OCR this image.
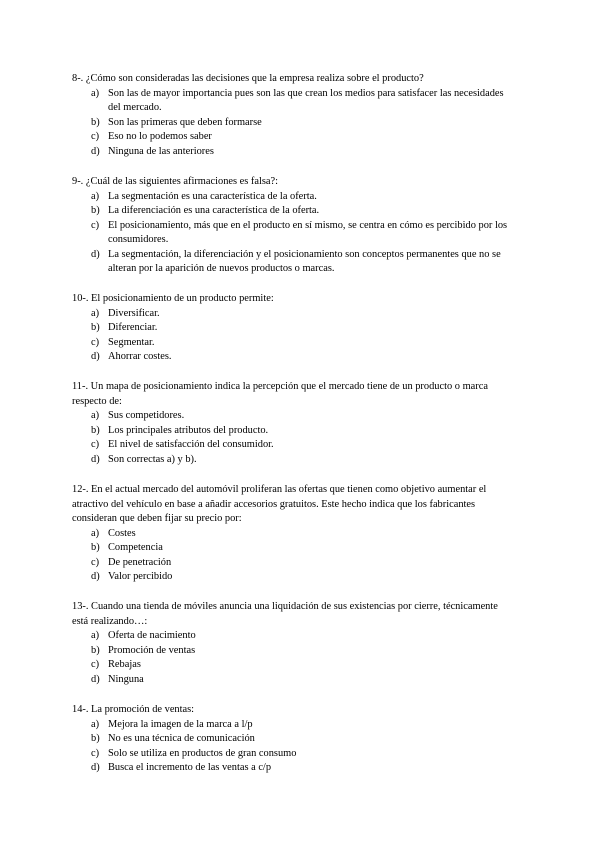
8-. ¿Cómo son consideradas las decisiones que la empresa realiza sobre el producto?

a) Son las de mayor importancia pues son las que crean los medios para satisfacer las necesidades del mercado.
b) Son las primeras que deben formarse
c) Eso no lo podemos saber
d) Ninguna de las anteriores

9-. ¿Cuál de las siguientes afirmaciones es falsa?:

a) La segmentación es una característica de la oferta.
b) La diferenciación es una característica de la oferta.
c) El posicionamiento, más que en el producto en sí mismo, se centra en cómo es percibido por los consumidores.
d) La segmentación, la diferenciación y el posicionamiento son conceptos permanentes que no se alteran por la aparición de nuevos productos o marcas.

10-. El posicionamiento de un producto permite:

a) Diversificar.
b) Diferenciar.
c) Segmentar.
d) Ahorrar costes.

11-. Un mapa de posicionamiento indica la percepción que el mercado tiene de un producto o marca respecto de:

a) Sus competidores.
b) Los principales atributos del producto.
c) El nivel de satisfacción del consumidor.
d) Son correctas a) y b).

12-. En el actual mercado del automóvil proliferan las ofertas que tienen como objetivo aumentar el atractivo del vehículo en base a añadir accesorios gratuitos. Este hecho indica que los fabricantes consideran que deben fijar su precio por:

a) Costes
b) Competencia
c) De penetración
d) Valor percibido

13-. Cuando una tienda de móviles anuncia una liquidación de sus existencias por cierre, técnicamente está realizando…:

a) Oferta de nacimiento
b) Promoción de ventas
c) Rebajas
d) Ninguna

14-. La promoción de ventas:

a) Mejora la imagen de la marca a l/p
b) No es una técnica de comunicación
c) Solo se utiliza en productos de gran consumo
d) Busca el incremento de las ventas a c/p
